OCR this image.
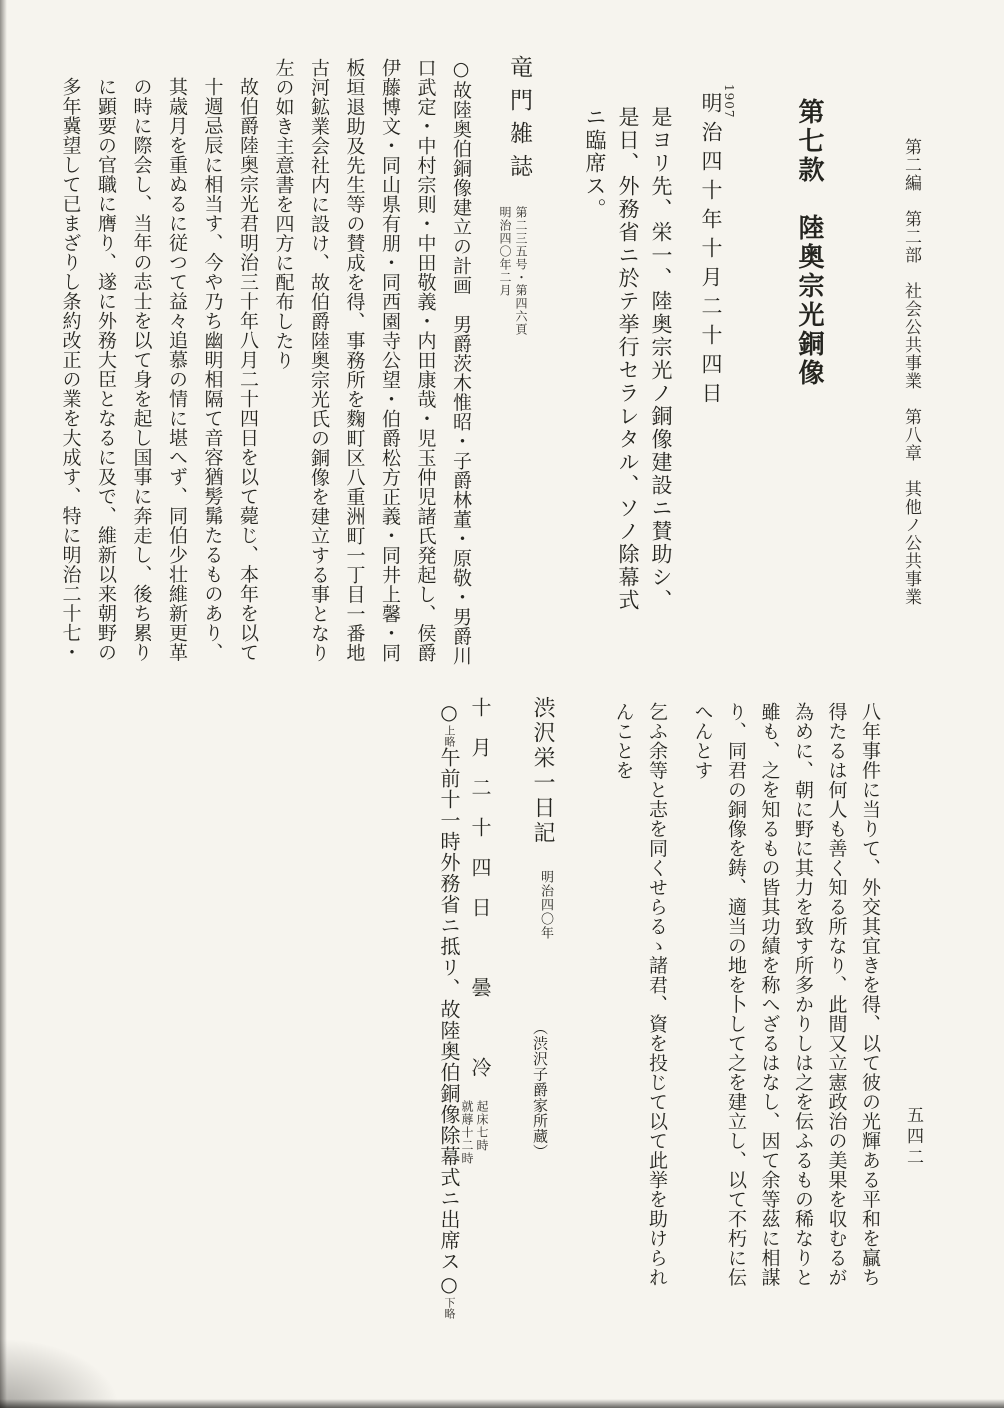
第二編　第二部　社会公共事業　第八章　其他ノ公共事業
五四二
第七款　陸奥宗光銅像
1907
明治四十年十月二十四日
是ヨリ先、栄一、陸奥宗光ノ銅像建設ニ賛助シ、
是日、外務省ニ於テ挙行セラレタル、ソノ除幕式
ニ臨席ス。
竜門雑誌
第二三五号・第四六頁
明治四〇年二月
○故陸奥伯銅像建立の計画　男爵茨木惟昭・子爵林董・原敬・男爵川
口武定・中村宗則・中田敬義・内田康哉・児玉仲児諸氏発起し、侯爵
伊藤博文・同山県有朋・同西園寺公望・伯爵松方正義・同井上馨・同
板垣退助及先生等の賛成を得、事務所を麴町区八重洲町一丁目一番地
古河鉱業会社内に設け、故伯爵陸奥宗光氏の銅像を建立する事となり
左の如き主意書を四方に配布したり
故伯爵陸奥宗光君明治三十年八月二十四日を以て薨じ、本年を以て
十週忌辰に相当す、今や乃ち幽明相隔て音容猶髣髴たるものあり、
其歳月を重ぬるに従つて益々追慕の情に堪へず、同伯少壮維新更革
の時に際会し、当年の志士を以て身を起し国事に奔走し、後ち累り
に顕要の官職に膺り、遂に外務大臣となるに及で、維新以来朝野の
多年冀望して已まざりし条約改正の業を大成す、特に明治二十七・
八年事件に当りて、外交其宜きを得、以て彼の光輝ある平和を贏ち
得たるは何人も善く知る所なり、此間又立憲政治の美果を収むるが
為めに、朝に野に其力を致す所多かりしは之を伝ふるもの稀なりと
雖も、之を知るもの皆其功績を称へざるはなし、因て余等茲に相謀
り、同君の銅像を鋳、適当の地を卜して之を建立し、以て不朽に伝
へんとす
乞ふ余等と志を同くせらるゝ諸君、資を投じて以て此挙を助けられ
んことを
渋沢栄一日記
明治四〇年
（渋沢子爵家所蔵）
十月二十四日　曇　冷
起床七時
就蓐十二時
○上略午前十一時外務省ニ抵リ、故陸奥伯銅像除幕式ニ出席ス○下略
